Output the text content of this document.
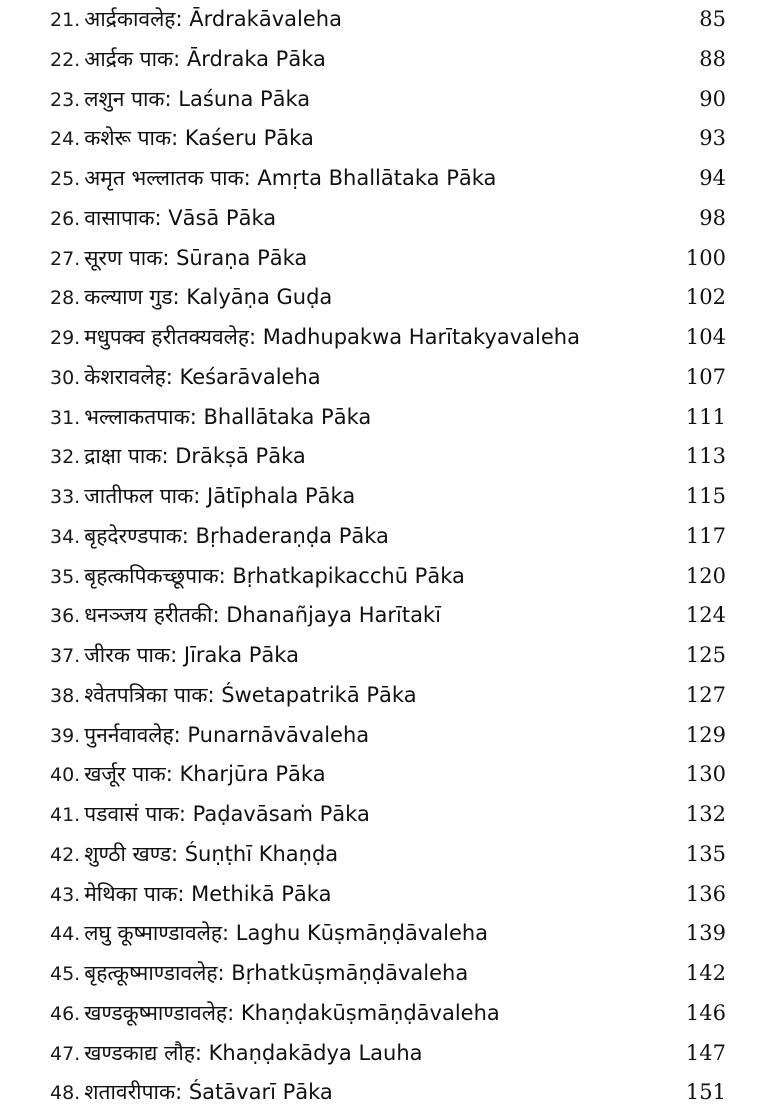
21. आर्द्रकावलेह: Ārdrakāvaleha	85
22. आर्द्रक पाक: Ārdraka Pāka	88
23. लशुन पाक: Laśuna Pāka	90
24. कशेरू पाक: Kaśeru Pāka	93
25. अमृत भल्लातक पाक: Amṛta Bhallātaka Pāka	94
26. वासापाक: Vāsā Pāka	98
27. सूरण पाक: Sūraṇa Pāka	100
28. कल्याण गुड: Kalyāṇa Guḍa	102
29. मधुपक्व हरीतक्यवलेह: Madhupakwa Harītakyavaleha	104
30. केशरावलेह: Keśarāvaleha	107
31. भल्लाकतपाक: Bhallātaka Pāka	111
32. द्राक्षा पाक: Drākṣā Pāka	113
33. जातीफल पाक: Jātīphala Pāka	115
34. बृहदेरण्डपाक: Bṛhaderaṇḍa Pāka	117
35. बृहत्कपिकच्छूपाक: Bṛhatkapikacchū Pāka	120
36. धनञ्जय हरीतकी: Dhanañjaya Harītakī	124
37. जीरक पाक: Jīraka Pāka	125
38. श्वेतपत्रिका पाक: Śwetapatrikā Pāka	127
39. पुनर्नवावलेह: Punarnāvāvaleha	129
40. खर्जूर पाक: Kharjūra Pāka	130
41. पडवासं पाक: Paḍavāsaṁ Pāka	132
42. शुण्ठी खण्ड: Śuṇṭhī Khaṇḍa	135
43. मेथिका पाक: Methikā Pāka	136
44. लघु कूष्माण्डावलेह: Laghu Kūṣmāṇḍāvaleha	139
45. बृहत्कूष्माण्डावलेह: Bṛhatkūṣmāṇḍāvaleha	142
46. खण्डकूष्माण्डावलेह: Khaṇḍakūṣmāṇḍāvaleha	146
47. खण्डकाद्य लौह: Khaṇḍakādya Lauha	147
48. शतावरीपाक: Śatāvarī Pāka	151
